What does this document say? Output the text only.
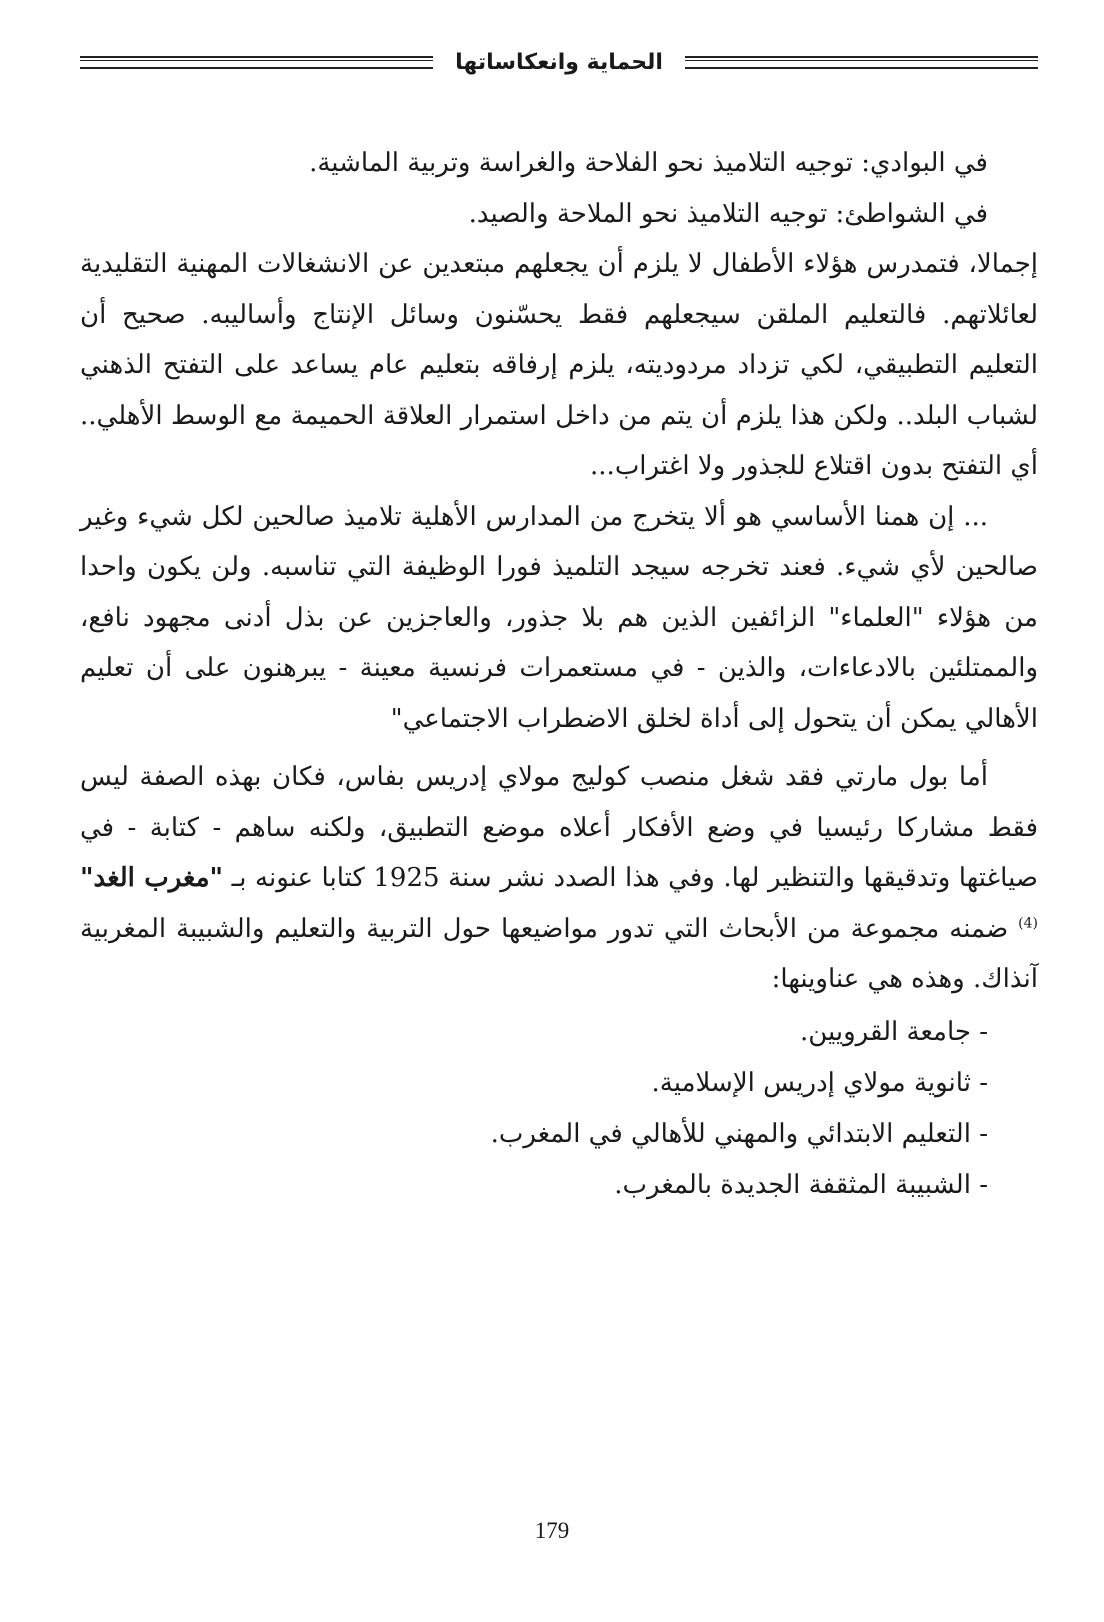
الحماية وانعكاساتها

في البوادي: توجيه التلاميذ نحو الفلاحة والغراسة وتربية الماشية.

في الشواطئ: توجيه التلاميذ نحو الملاحة والصيد.

إجمالا، فتمدرس هؤلاء الأطفال لا يلزم أن يجعلهم مبتعدين عن الانشغالات المهنية التقليدية لعائلاتهم. فالتعليم الملقن سيجعلهم فقط يحسّنون وسائل الإنتاج وأساليبه. صحيح أن التعليم التطبيقي، لكي تزداد مردوديته، يلزم إرفاقه بتعليم عام يساعد على التفتح الذهني لشباب البلد.. ولكن هذا يلزم أن يتم من داخل استمرار العلاقة الحميمة مع الوسط الأهلي.. أي التفتح بدون اقتلاع للجذور ولا اغتراب...

... إن همنا الأساسي هو ألا يتخرج من المدارس الأهلية تلاميذ صالحين لكل شيء وغير صالحين لأي شيء. فعند تخرجه سيجد التلميذ فورا الوظيفة التي تناسبه. ولن يكون واحدا من هؤلاء "العلماء" الزائفين الذين هم بلا جذور، والعاجزين عن بذل أدنى مجهود نافع، والممتلئين بالادعاءات، والذين - في مستعمرات فرنسية معينة - يبرهنون على أن تعليم الأهالي يمكن أن يتحول إلى أداة لخلق الاضطراب الاجتماعي"

أما بول مارتي فقد شغل منصب كوليج مولاي إدريس بفاس، فكان بهذه الصفة ليس فقط مشاركا رئيسيا في وضع الأفكار أعلاه موضع التطبيق، ولكنه ساهم - كتابة - في صياغتها وتدقيقها والتنظير لها. وفي هذا الصدد نشر سنة 1925 كتابا عنونه بـ "مغرب الغد"$^{(4)}$ ضمنه مجموعة من الأبحاث التي تدور مواضيعها حول التربية والتعليم والشبيبة المغربية آنذاك. وهذه هي عناوينها:

- جامعة القرويين.
- ثانوية مولاي إدريس الإسلامية.
- التعليم الابتدائي والمهني للأهالي في المغرب.
- الشبيبة المثقفة الجديدة بالمغرب.
179
